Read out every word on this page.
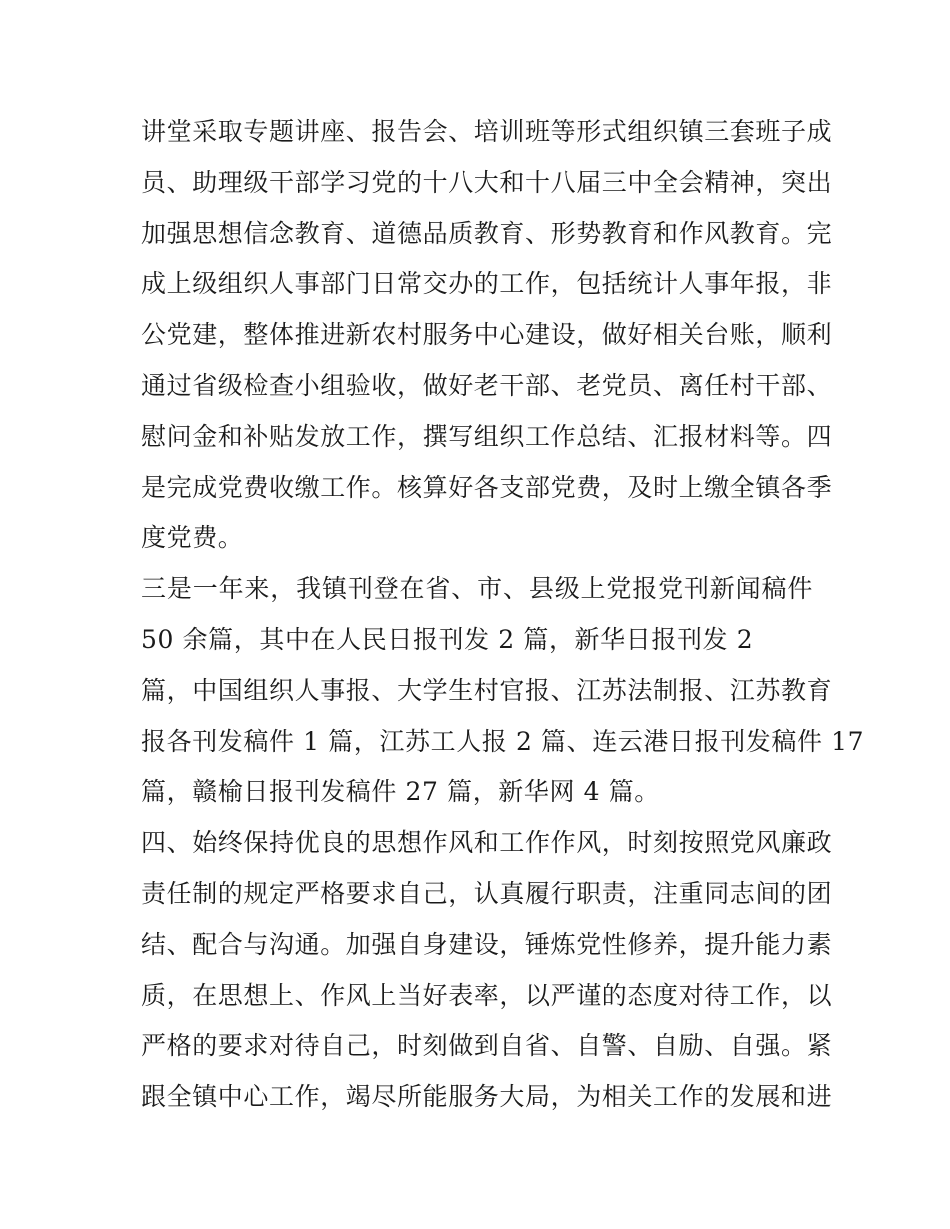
讲堂采取专题讲座、报告会、培训班等形式组织镇三套班子成
员、助理级干部学习党的十八大和十八届三中全会精神，突出
加强思想信念教育、道德品质教育、形势教育和作风教育。完
成上级组织人事部门日常交办的工作，包括统计人事年报，非
公党建，整体推进新农村服务中心建设，做好相关台账，顺利
通过省级检查小组验收，做好老干部、老党员、离任村干部、
慰问金和补贴发放工作，撰写组织工作总结、汇报材料等。四
是完成党费收缴工作。核算好各支部党费，及时上缴全镇各季
度党费。
三是一年来，我镇刊登在省、市、县级上党报党刊新闻稿件
50 余篇，其中在人民日报刊发 2 篇，新华日报刊发 2
篇，中国组织人事报、大学生村官报、江苏法制报、江苏教育
报各刊发稿件 1 篇，江苏工人报 2 篇、连云港日报刊发稿件 17
篇，赣榆日报刊发稿件 27 篇，新华网 4 篇。
四、始终保持优良的思想作风和工作作风，时刻按照党风廉政
责任制的规定严格要求自己，认真履行职责，注重同志间的团
结、配合与沟通。加强自身建设，锤炼党性修养，提升能力素
质，在思想上、作风上当好表率，以严谨的态度对待工作，以
严格的要求对待自己，时刻做到自省、自警、自励、自强。紧
跟全镇中心工作，竭尽所能服务大局，为相关工作的发展和进
